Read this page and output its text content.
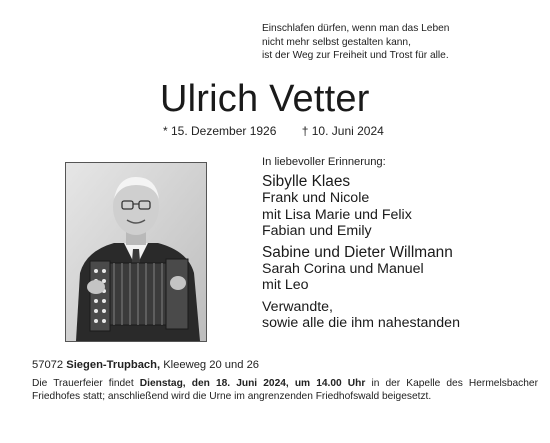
Einschlafen dürfen, wenn man das Leben
nicht mehr selbst gestalten kann,
ist der Weg zur Freiheit und Trost für alle.
Ulrich Vetter
* 15. Dezember 1926 † 10. Juni 2024
In liebevoller Erinnerung:
Sibylle Klaes
Frank und Nicole
mit Lisa Marie und Felix
Fabian und Emily
Sabine und Dieter Willmann
Sarah Corina und Manuel
mit Leo
Verwandte,
sowie alle die ihm nahestanden
57072 Siegen-Trupbach, Kleeweg 20 und 26
Die Trauerfeier findet Dienstag, den 18. Juni 2024, um 14.00 Uhr in der Kapelle des Hermelsbacher Friedhofes statt; anschließend wird die Urne im angrenzenden Friedhofswald beigesetzt.
